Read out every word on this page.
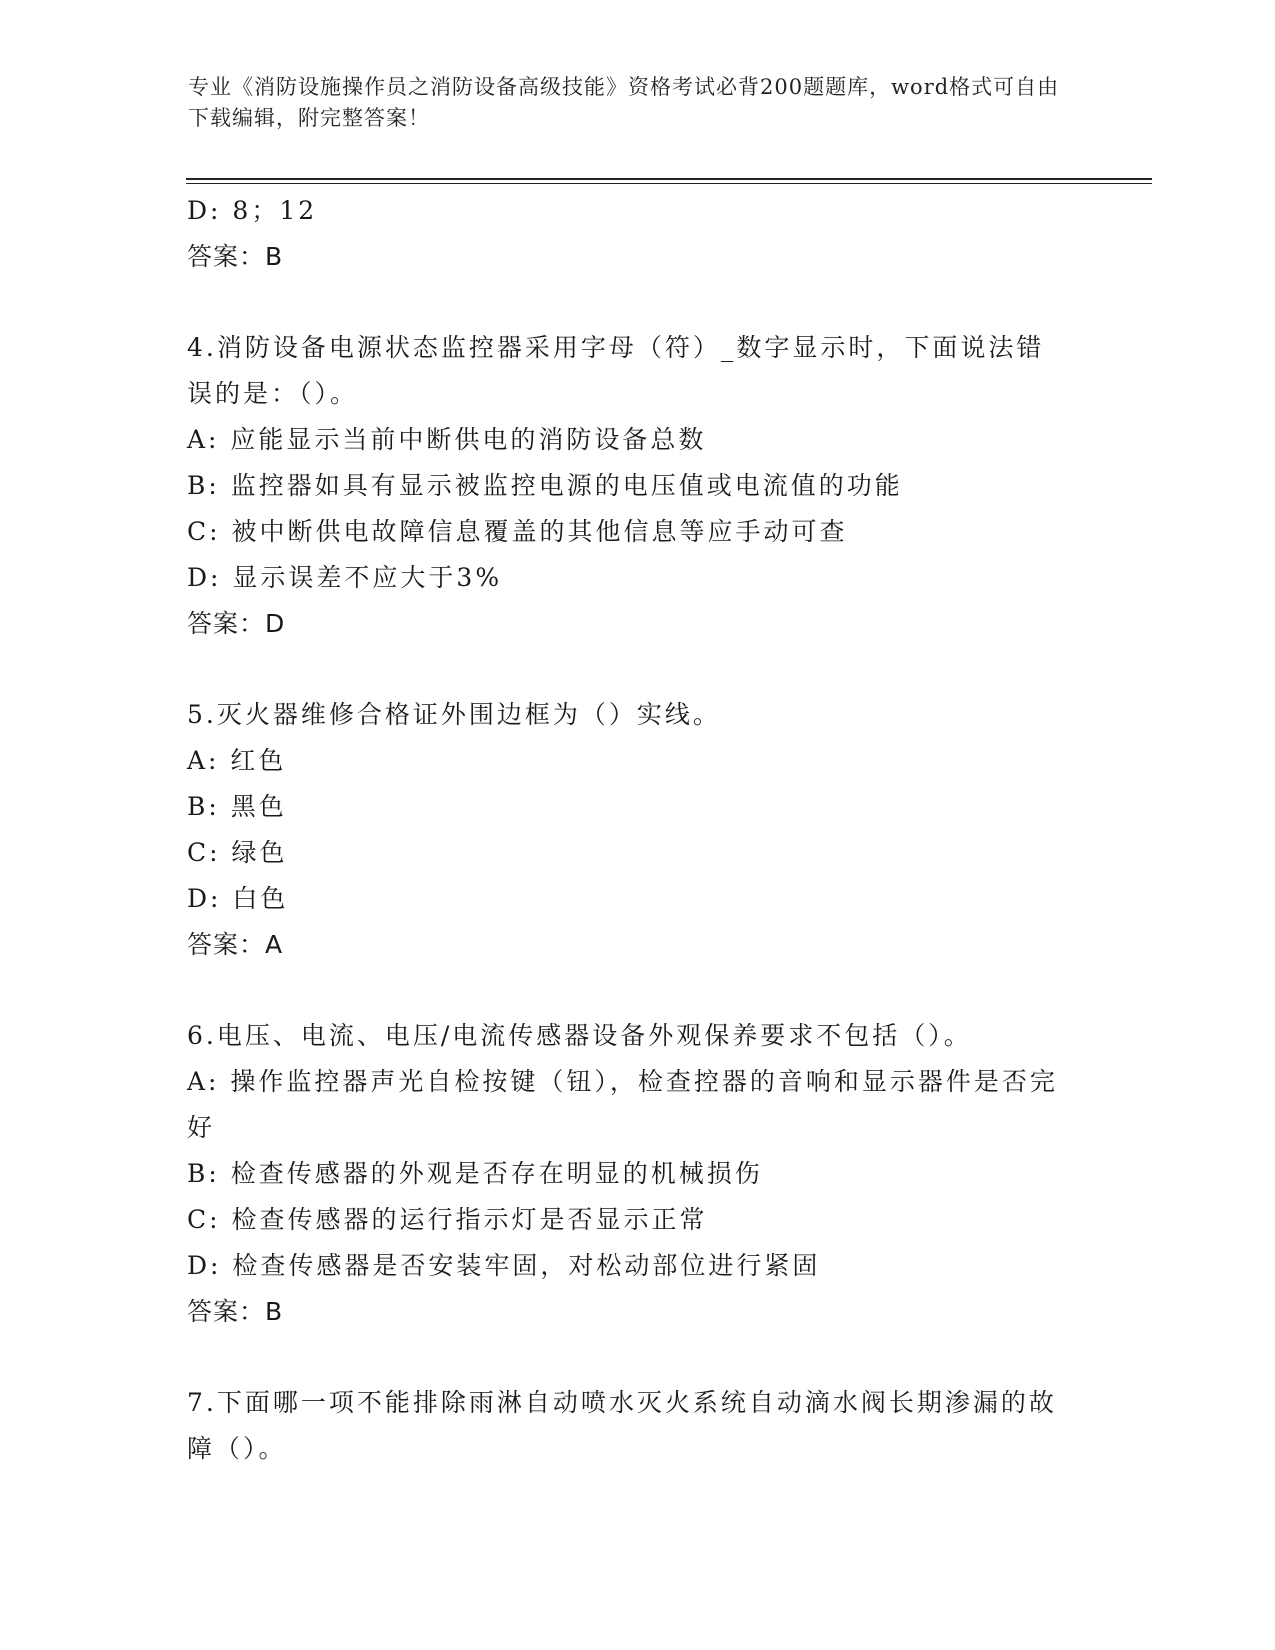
专业《消防设施操作员之消防设备高级技能》资格考试必背200题题库，word格式可自由下载编辑，附完整答案！
D: 8；12
答案：B
4.消防设备电源状态监控器采用字母（符）_数字显示时，下面说法错误的是：（）。
A: 应能显示当前中断供电的消防设备总数
B: 监控器如具有显示被监控电源的电压值或电流值的功能
C: 被中断供电故障信息覆盖的其他信息等应手动可查
D: 显示误差不应大于3%
答案：D
5.灭火器维修合格证外围边框为（）实线。
A: 红色
B: 黑色
C: 绿色
D: 白色
答案：A
6.电压、电流、电压/电流传感器设备外观保养要求不包括（）。
A: 操作监控器声光自检按键（钮），检查控器的音响和显示器件是否完好
B: 检查传感器的外观是否存在明显的机械损伤
C: 检查传感器的运行指示灯是否显示正常
D: 检查传感器是否安装牢固，对松动部位进行紧固
答案：B
7.下面哪一项不能排除雨淋自动喷水灭火系统自动滴水阀长期渗漏的故障（）。
